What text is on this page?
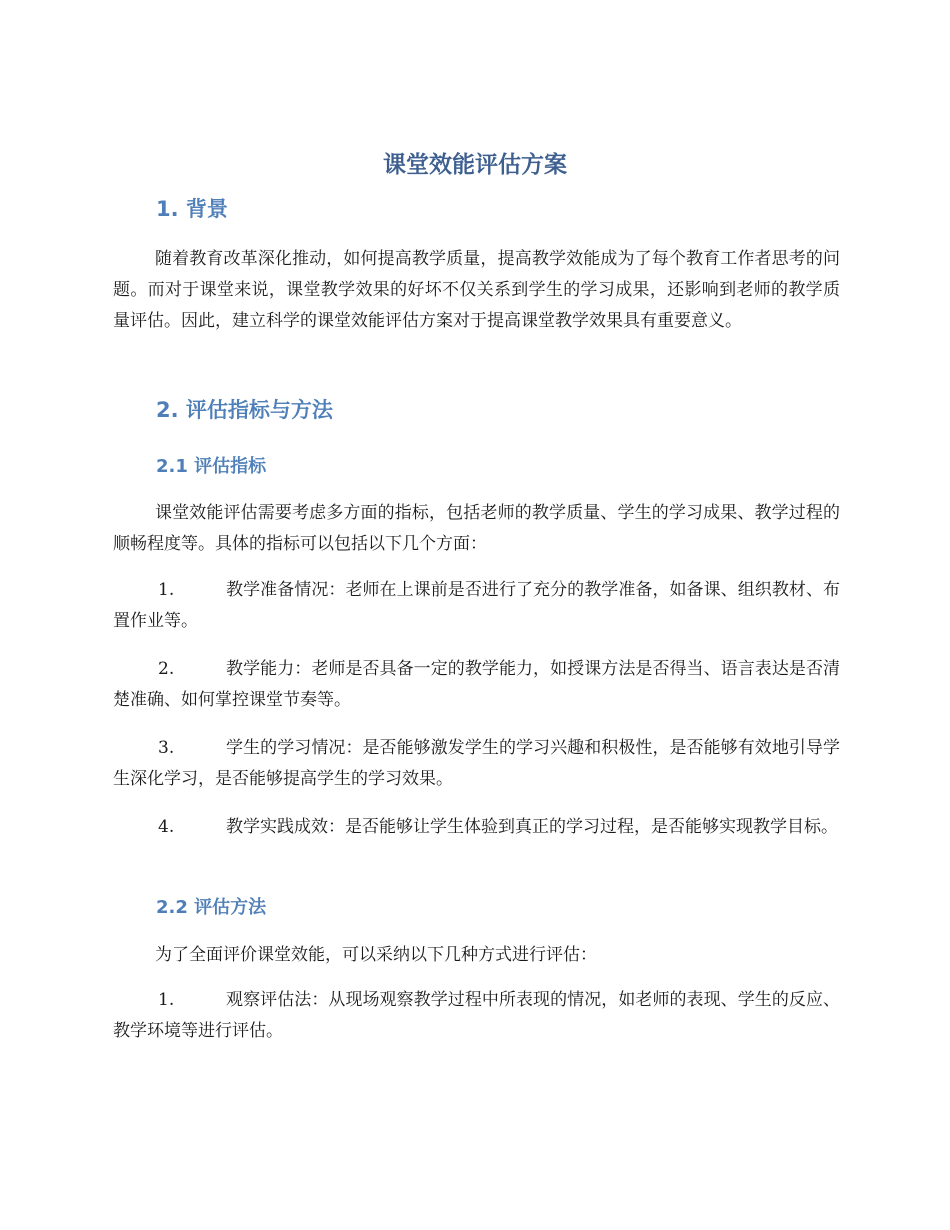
课堂效能评估方案
1. 背景

随着教育改革深化推动，如何提高教学质量，提高教学效能成为了每个教育工作者思考的问题。而对于课堂来说，课堂教学效果的好坏不仅关系到学生的学习成果，还影响到老师的教学质量评估。因此，建立科学的课堂效能评估方案对于提高课堂教学效果具有重要意义。

2. 评估指标与方法
2.1 评估指标

课堂效能评估需要考虑多方面的指标，包括老师的教学质量、学生的学习成果、教学过程的顺畅程度等。具体的指标可以包括以下几个方面：

1.	教学准备情况：老师在上课前是否进行了充分的教学准备，如备课、组织教材、布置作业等。

2.	教学能力：老师是否具备一定的教学能力，如授课方法是否得当、语言表达是否清楚准确、如何掌控课堂节奏等。

3.	学生的学习情况：是否能够激发学生的学习兴趣和积极性，是否能够有效地引导学生深化学习，是否能够提高学生的学习效果。

4.	教学实践成效：是否能够让学生体验到真正的学习过程，是否能够实现教学目标。

2.2 评估方法

为了全面评价课堂效能，可以采纳以下几种方式进行评估：

1.	观察评估法：从现场观察教学过程中所表现的情况，如老师的表现、学生的反应、教学环境等进行评估。
